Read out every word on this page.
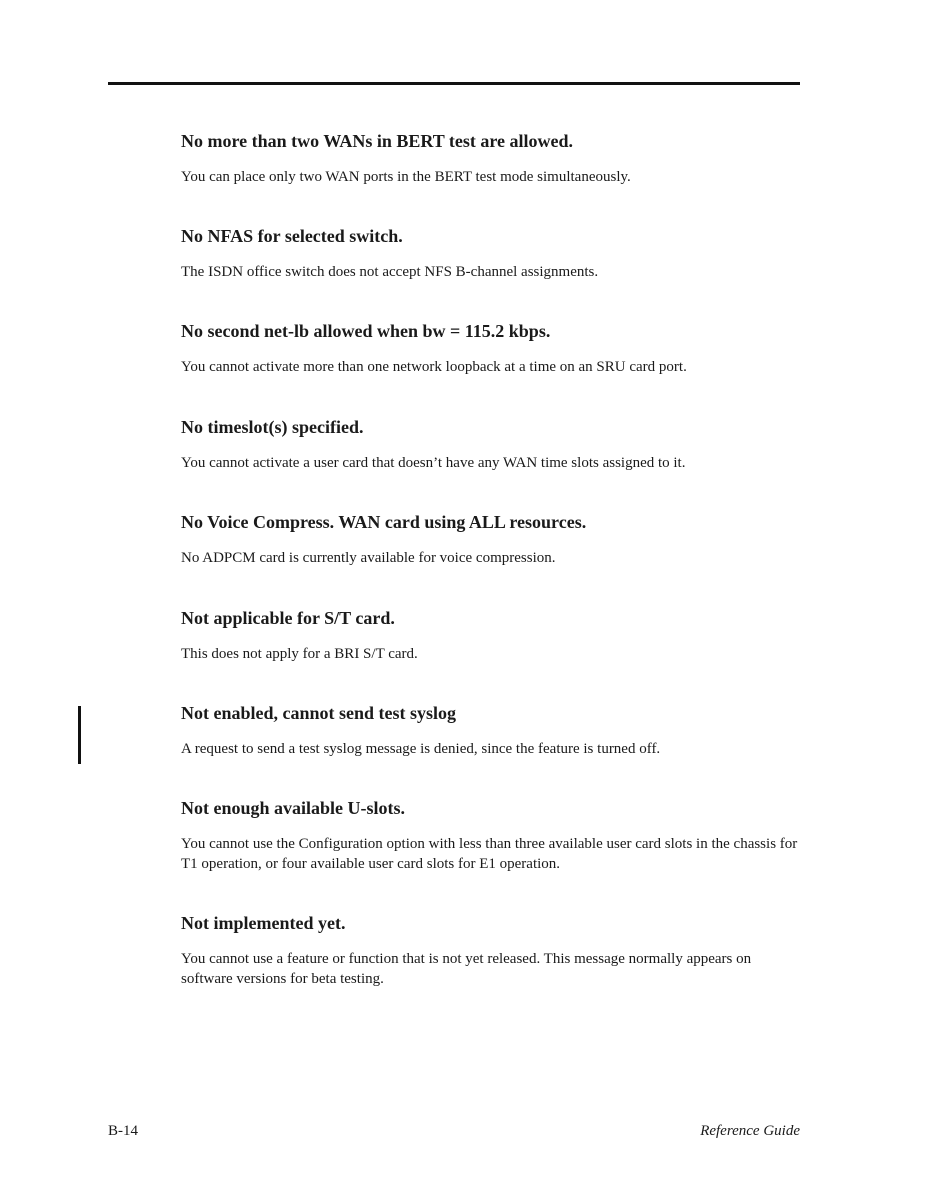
No more than two WANs in BERT test are allowed.

You can place only two WAN ports in the BERT test mode simultaneously.

No NFAS for selected switch.

The ISDN office switch does not accept NFS B-channel assignments.

No second net-lb allowed when bw = 115.2 kbps.

You cannot activate more than one network loopback at a time on an SRU card port.

No timeslot(s) specified.

You cannot activate a user card that doesn’t have any WAN time slots assigned to it.

No Voice Compress. WAN card using ALL resources.

No ADPCM card is currently available for voice compression.

Not applicable for S/T card.

This does not apply for a BRI S/T card.

Not enabled, cannot send test syslog

A request to send a test syslog message is denied, since the feature is turned off.

Not enough available U-slots.

You cannot use the Configuration option with less than three available user card slots in the chassis for T1 operation, or four available user card slots for E1 operation.

Not implemented yet.

You cannot use a feature or function that is not yet released. This message normally appears on software versions for beta testing.

B-14	Reference Guide
